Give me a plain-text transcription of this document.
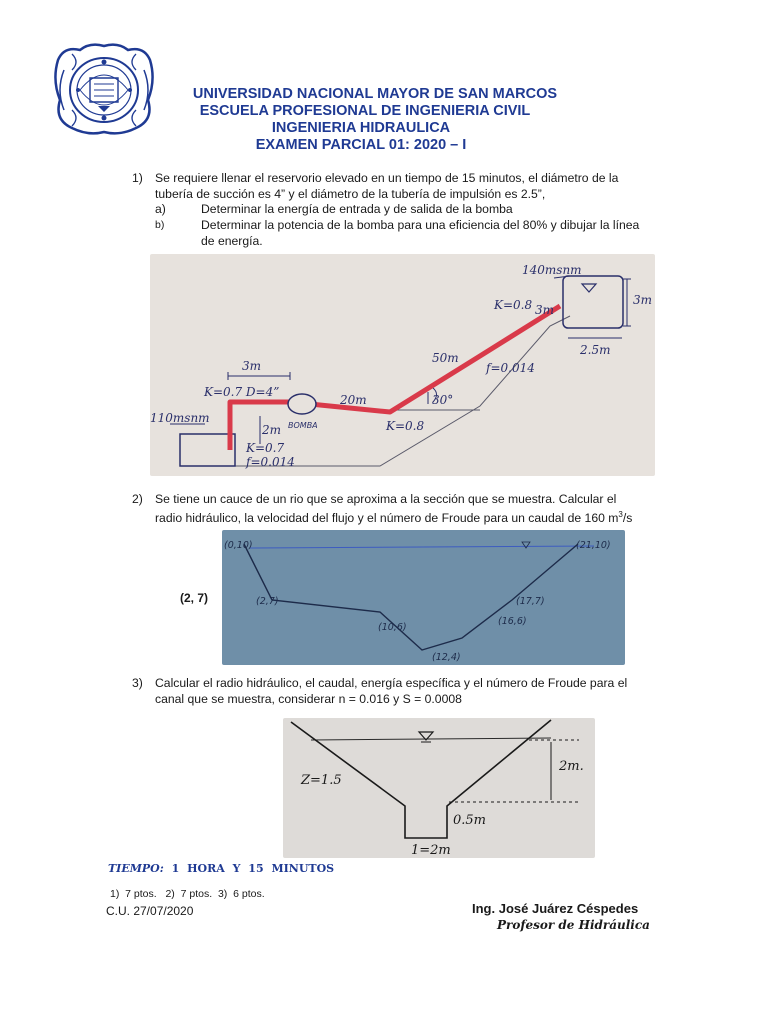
UNIVERSIDAD NACIONAL MAYOR DE SAN MARCOS
ESCUELA PROFESIONAL DE INGENIERIA CIVIL
INGENIERIA HIDRAULICA
EXAMEN PARCIAL 01: 2020 – I
1) Se requiere llenar el reservorio elevado en un tiempo de 15 minutos, el diámetro de la
tubería de succión es 4” y el diámetro de la tubería de impulsión es 2.5”,
a)	Determinar la energía de entrada y de salida de la bomba
b)	Determinar la potencia de la bomba para una eficiencia del 80% y dibujar la línea
de energía.
140msnm
K=0.8 3m
3m
2.5m
50m
f=0.014
30°
20m
K=0.8
3m
K=0.7 D=4”
110msnm
2m
K=0.7
f=0.014
BOMBA
2) Se tiene un cauce de un rio que se aproxima a la sección que se muestra. Calcular el
radio hidráulico, la velocidad del flujo y el número de Froude para un caudal de 160 $m^3/s$
(2, 7)
(0,10)	(21,10)
(2,7)	(17,7)
(10,6)
(16,6)
(12,4)
3) Calcular el radio hidráulico, el caudal, energía específica y el número de Froude para el
canal que se muestra, considerar n = 0.016 y S = 0.0008
Z=1.5
2m.
0.5m
1=2m
TIEMPO: 1 HORA Y 15 MINUTOS
1)  7 ptos.   2)  7 ptos.  3)  6 ptos.
C.U. 27/07/2020	Ing. José Juárez Céspedes
Profesor de Hidráulica
